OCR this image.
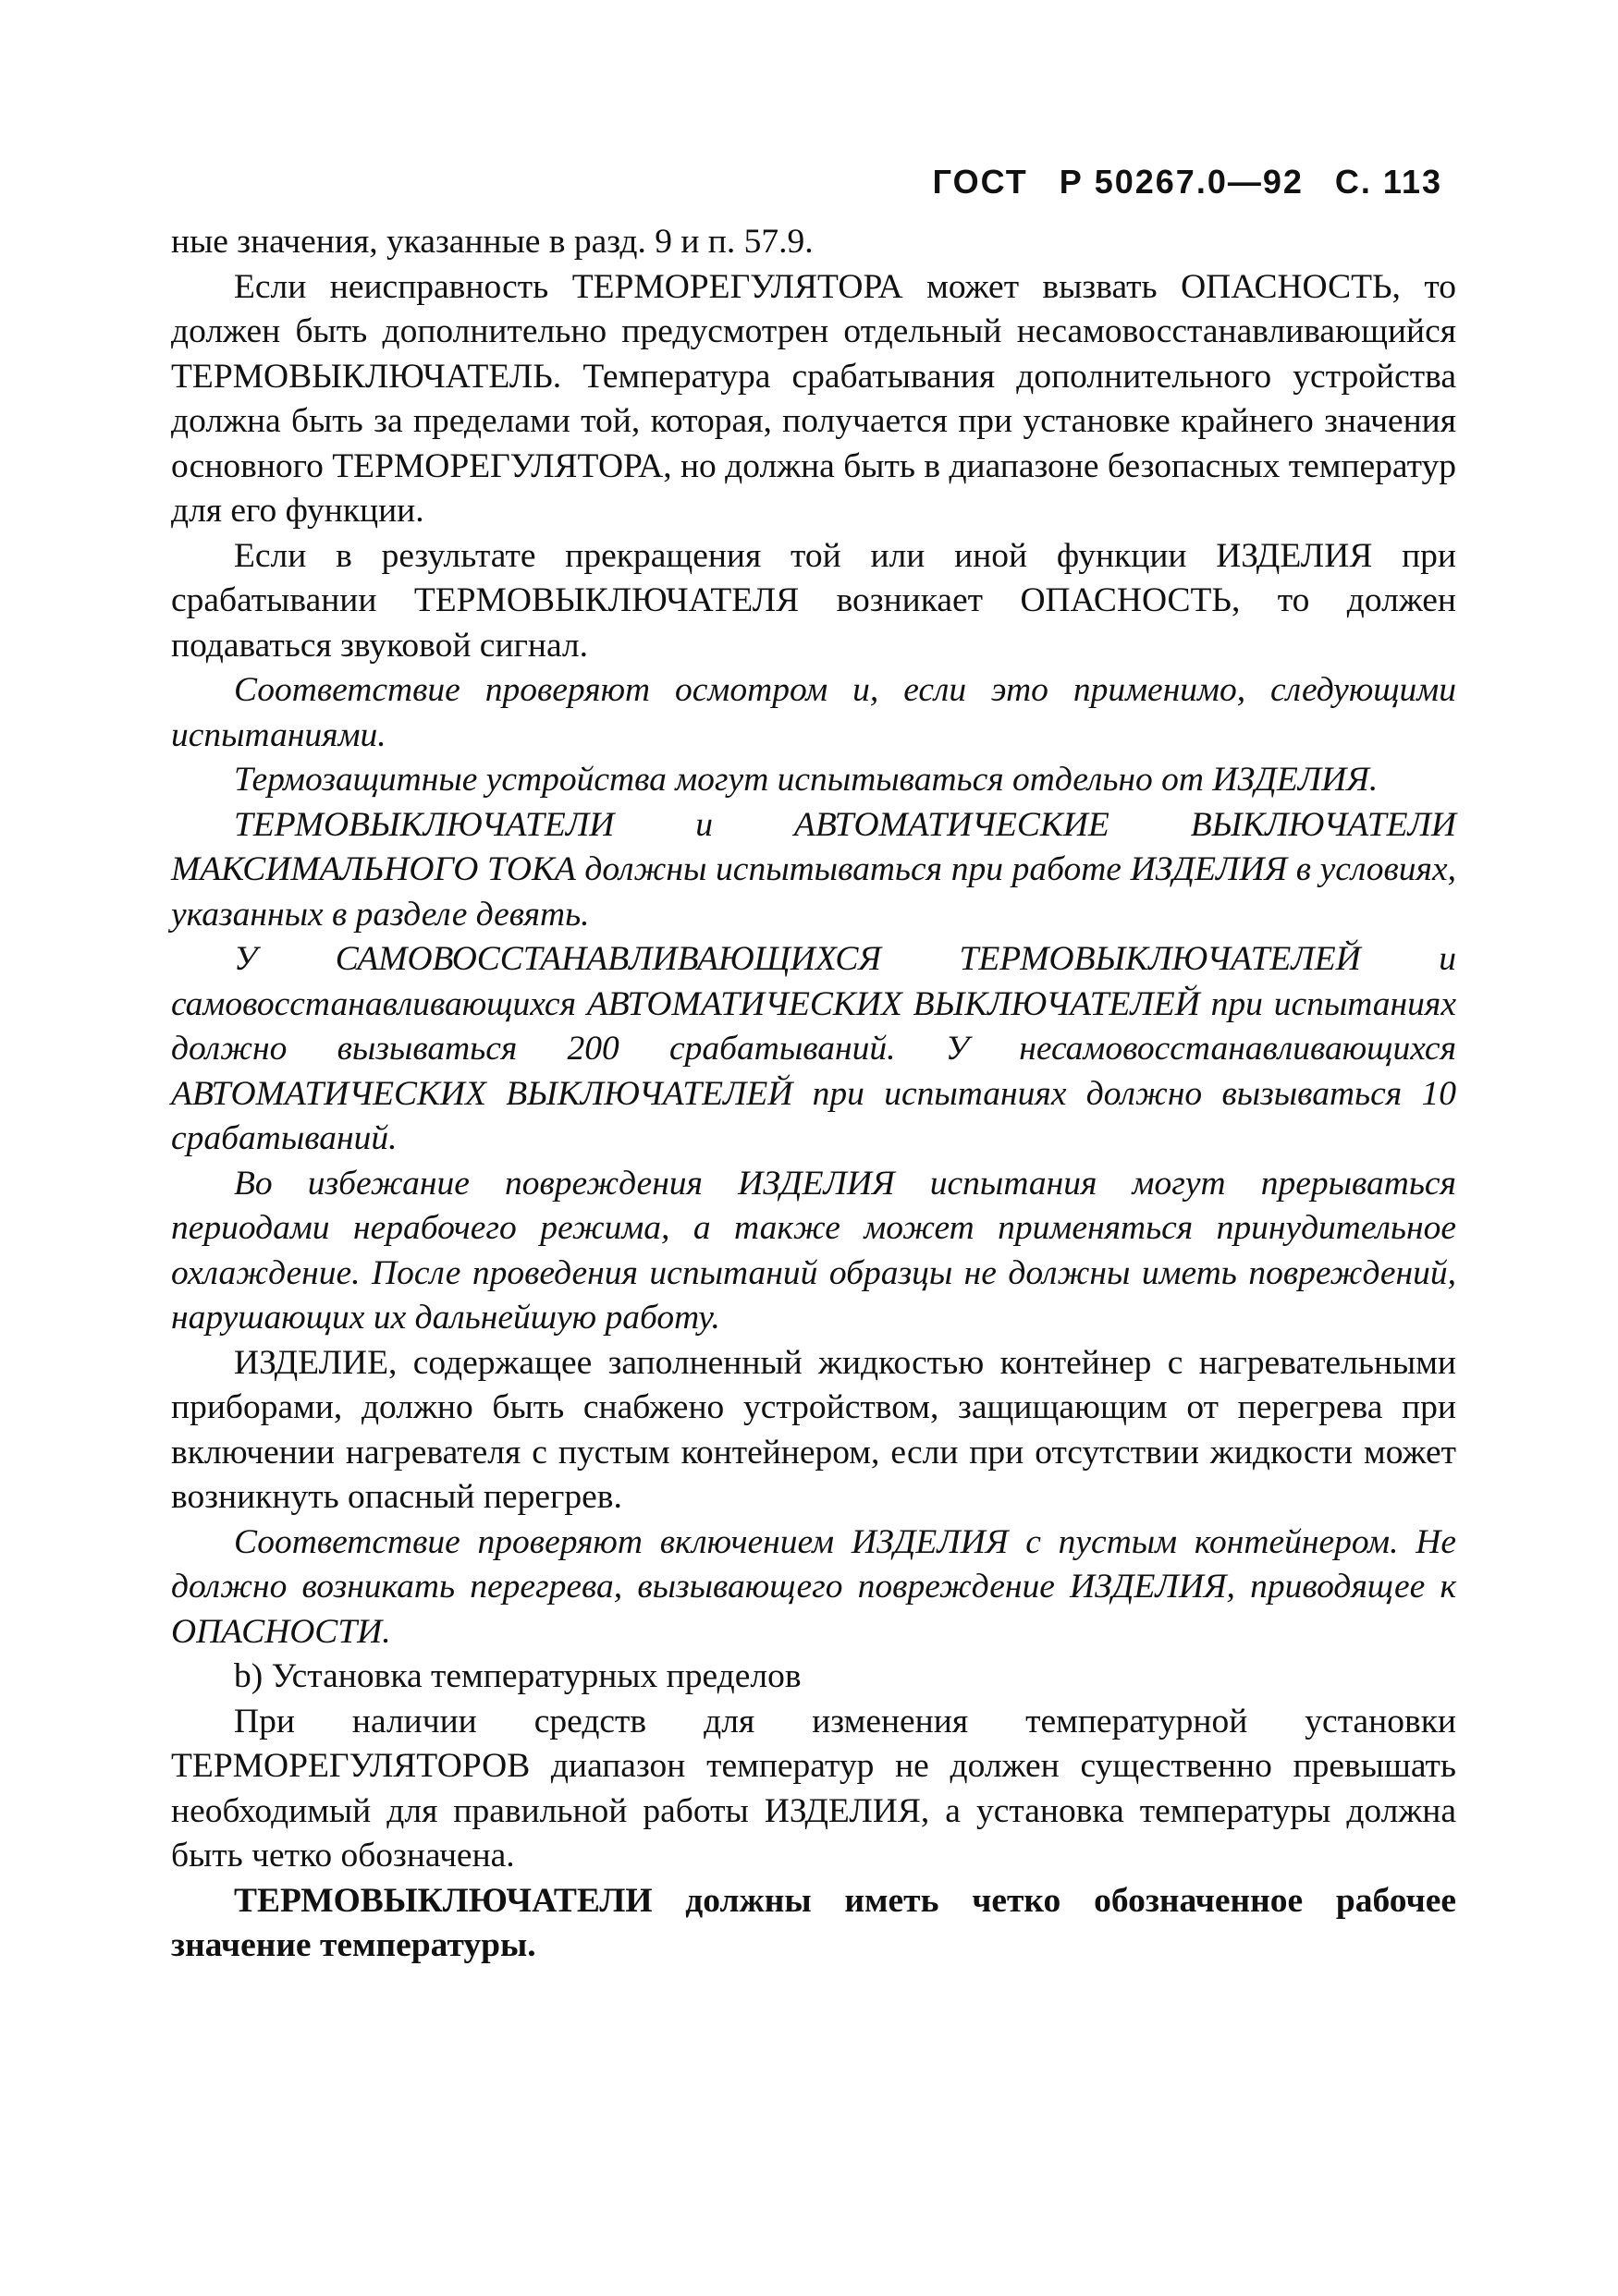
ГОСТ Р 50267.0—92 С. 113

ные значения, указанные в разд. 9 и п. 57.9.

Если неисправность ТЕРМОРЕГУЛЯТОРА может вызвать ОПАСНОСТЬ, то должен быть дополнительно предусмотрен отдельный несамовосстанавливающийся ТЕРМОВЫКЛЮЧАТЕЛЬ. Температура срабатывания дополнительного устройства должна быть за пределами той, которая, получается при установке крайнего значения основного ТЕРМОРЕГУЛЯТОРА, но должна быть в диапазоне безопасных температур для его функции.

Если в результате прекращения той или иной функции ИЗДЕЛИЯ при срабатывании ТЕРМОВЫКЛЮЧАТЕЛЯ возникает ОПАСНОСТЬ, то должен подаваться звуковой сигнал.

Соответствие проверяют осмотром и, если это применимо, следующими испытаниями.

Термозащитные устройства могут испытываться отдельно от ИЗДЕЛИЯ.

ТЕРМОВЫКЛЮЧАТЕЛИ и АВТОМАТИЧЕСКИЕ ВЫКЛЮЧАТЕЛИ МАКСИМАЛЬНОГО ТОКА должны испытываться при работе ИЗДЕЛИЯ в условиях, указанных в разделе девять.

У САМОВОССТАНАВЛИВАЮЩИХСЯ ТЕРМОВЫКЛЮЧАТЕЛЕЙ и самовосстанавливающихся АВТОМАТИЧЕСКИХ ВЫКЛЮЧАТЕЛЕЙ при испытаниях должно вызываться 200 срабатываний. У несамовосстанавливающихся АВТОМАТИЧЕСКИХ ВЫКЛЮЧАТЕЛЕЙ при испытаниях должно вызываться 10 срабатываний.

Во избежание повреждения ИЗДЕЛИЯ испытания могут прерываться периодами нерабочего режима, а также может применяться принудительное охлаждение. После проведения испытаний образцы не должны иметь повреждений, нарушающих их дальнейшую работу.

ИЗДЕЛИЕ, содержащее заполненный жидкостью контейнер с нагревательными приборами, должно быть снабжено устройством, защищающим от перегрева при включении нагревателя с пустым контейнером, если при отсутствии жидкости может возникнуть опасный перегрев.

Соответствие проверяют включением ИЗДЕЛИЯ с пустым контейнером. Не должно возникать перегрева, вызывающего повреждение ИЗДЕЛИЯ, приводящее к ОПАСНОСТИ.

b) Установка температурных пределов

При наличии средств для изменения температурной установки ТЕРМОРЕГУЛЯТОРОВ диапазон температур не должен существенно превышать необходимый для правильной работы ИЗДЕЛИЯ, а установка температуры должна быть четко обозначена.

ТЕРМОВЫКЛЮЧАТЕЛИ должны иметь четко обозначенное рабочее значение температуры.
